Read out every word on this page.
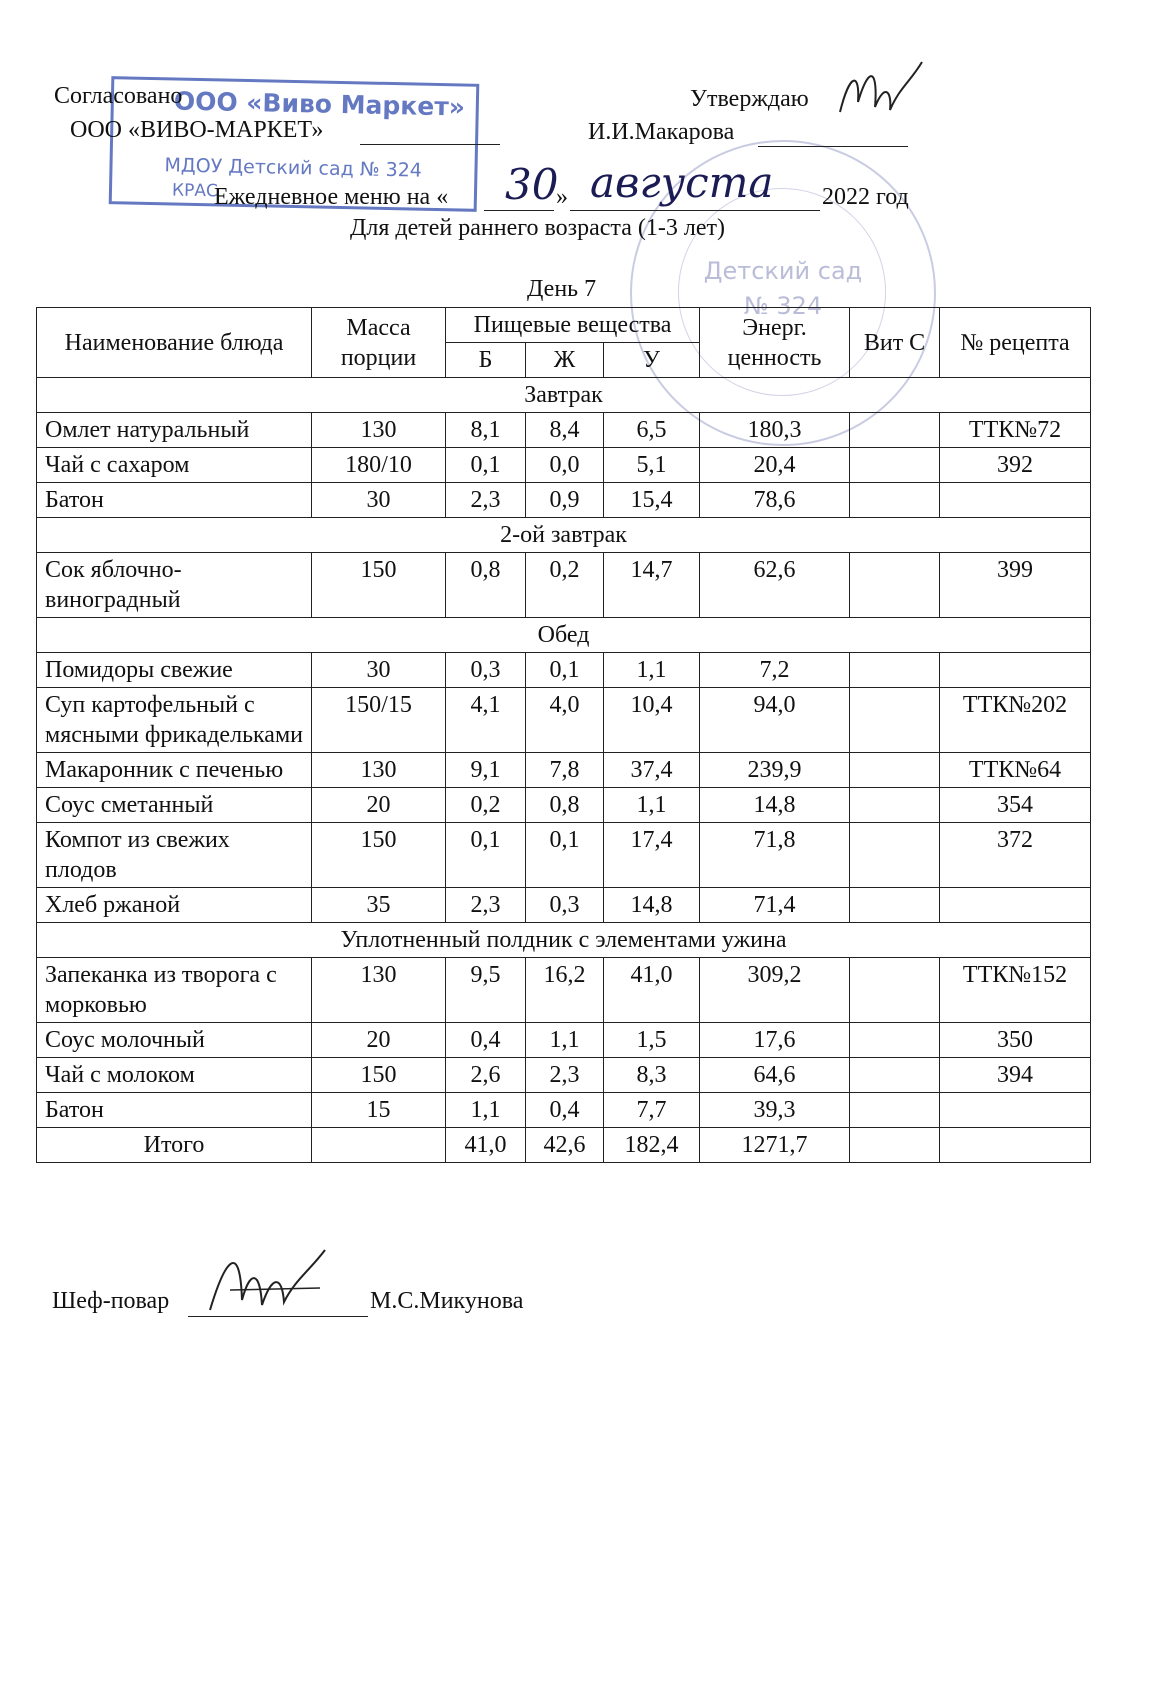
ООО «Виво Маркет»
МДОУ Детский сад № 324
КРАС
Детский сад
№ 324
Согласовано
ООО «ВИВО-МАРКЕТ»
Утверждаю
И.И.Макарова
Ежедневное меню на « 30
» августа 2022 год
Для детей раннего возраста (1-3 лет)
День 7
Наименование блюда	Масса порции	Пищевые вещества			Энерг. ценность	Вит С	№ рецепта
		Б	Ж	У			
Завтрак							
Омлет натуральный	130	8,1	8,4	6,5	180,3		ТТК№72
Чай с сахаром	180/10	0,1	0,0	5,1	20,4		392
Батон	30	2,3	0,9	15,4	78,6		
2-ой завтрак							
Сок яблочно-виноградный	150	0,8	0,2	14,7	62,6		399
Обед							
Помидоры свежие	30	0,3	0,1	1,1	7,2		
Суп картофельный с мясными фрикадельками	150/15	4,1	4,0	10,4	94,0		ТТК№202
Макаронник с печенью	130	9,1	7,8	37,4	239,9		ТТК№64
Соус сметанный	20	0,2	0,8	1,1	14,8		354
Компот из свежих плодов	150	0,1	0,1	17,4	71,8		372
Хлеб ржаной	35	2,3	0,3	14,8	71,4		
Уплотненный полдник с элементами ужина							
Запеканка из творога с морковью	130	9,5	16,2	41,0	309,2		ТТК№152
Соус молочный	20	0,4	1,1	1,5	17,6		350
Чай с молоком	150	2,6	2,3	8,3	64,6		394
Батон	15	1,1	0,4	7,7	39,3		
Итого		41,0	42,6	182,4	1271,7		
Шеф-повар	М.С.Микунова
